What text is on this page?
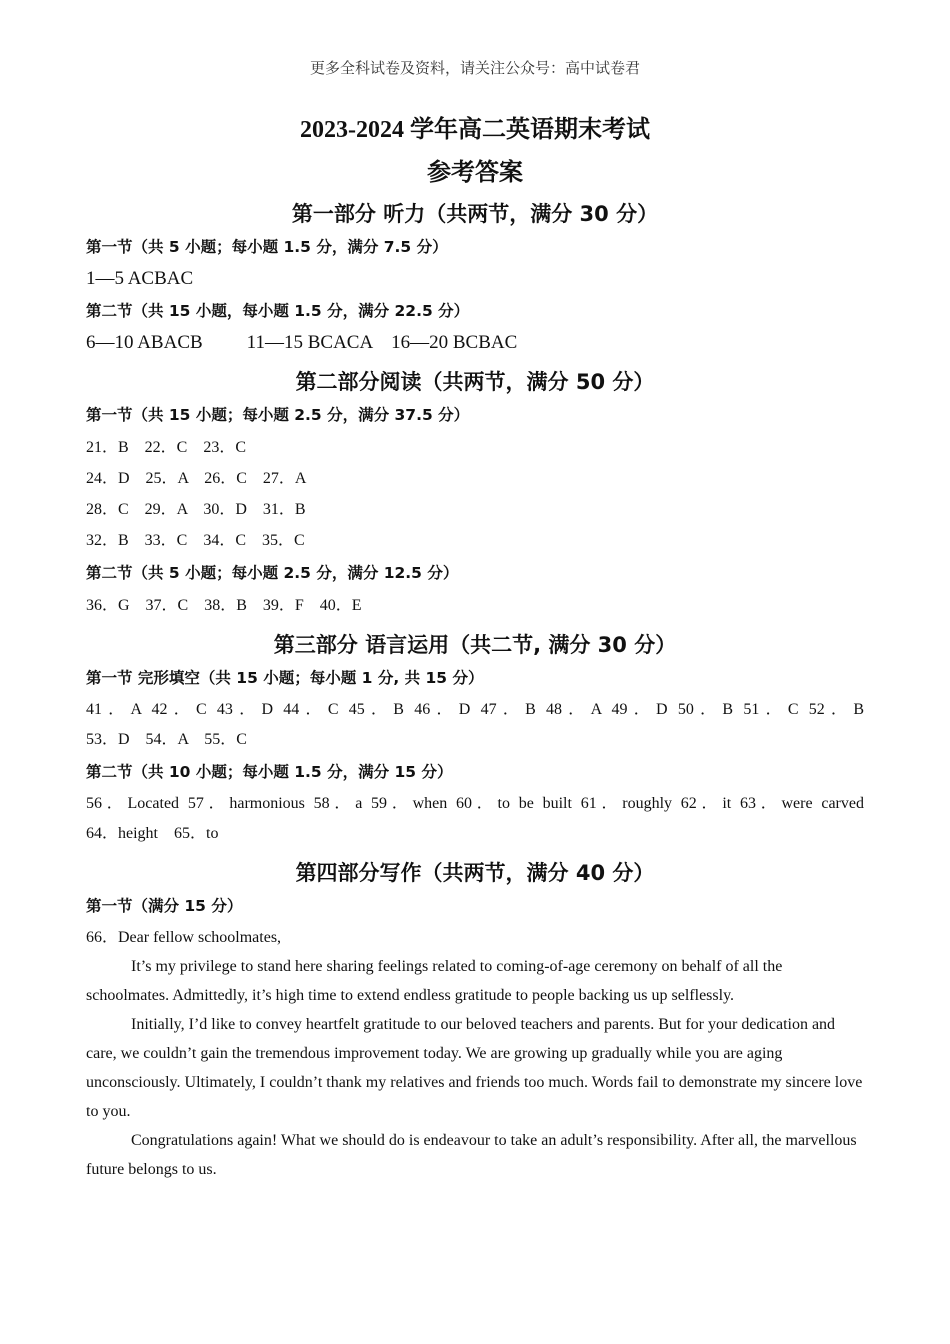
更多全科试卷及资料，请关注公众号：高中试卷君
2023-2024 学年高二英语期末考试
参考答案
第一部分 听力（共两节，满分 30 分）
第一节（共 5 小题；每小题 1.5 分，满分 7.5 分）

1—5 ACBAC

第二节（共 15 小题，每小题 1.5 分，满分 22.5 分）

6—10 ABACB 11—15 BCACA    16—20 BCBAC

第二部分阅读（共两节，满分 50 分）
第一节（共 15 小题；每小题 2.5 分，满分 37.5 分）

21．B    22．C    23．C

24．D    25．A    26．C    27．A

28．C    29．A    30．D    31．B

32．B    33．C    34．C    35．C

第二节（共 5 小题；每小题 2.5 分，满分 12.5 分）

36．G    37．C    38．B    39．F    40．E

第三部分 语言运用（共二节, 满分 30 分）
第一节 完形填空（共 15 小题；每小题 1 分, 共 15 分）

41．A 42．C 43．D 44．C 45．B 46．D 47．B 48．A 49．D 50．B 51．C 52．B

53．D    54．A    55．C

第二节（共 10 小题；每小题 1.5 分，满分 15 分）

56．Located 57．harmonious 58．a 59．when 60．to be built 61．roughly 62．it 63．were carved

64．height    65．to

第四部分写作（共两节，满分 40 分）
第一节（满分 15 分）

66．Dear fellow schoolmates,

It’s my privilege to stand here sharing feelings related to coming-of-age ceremony on behalf of all the schoolmates. Admittedly, it’s high time to extend endless gratitude to people backing us up selflessly.

Initially, I’d like to convey heartfelt gratitude to our beloved teachers and parents. But for your dedication and care, we couldn’t gain the tremendous improvement today. We are growing up gradually while you are aging unconsciously. Ultimately, I couldn’t thank my relatives and friends too much. Words fail to demonstrate my sincere love to you.

Congratulations again! What we should do is endeavour to take an adult’s responsibility. After all, the marvellous future belongs to us.
